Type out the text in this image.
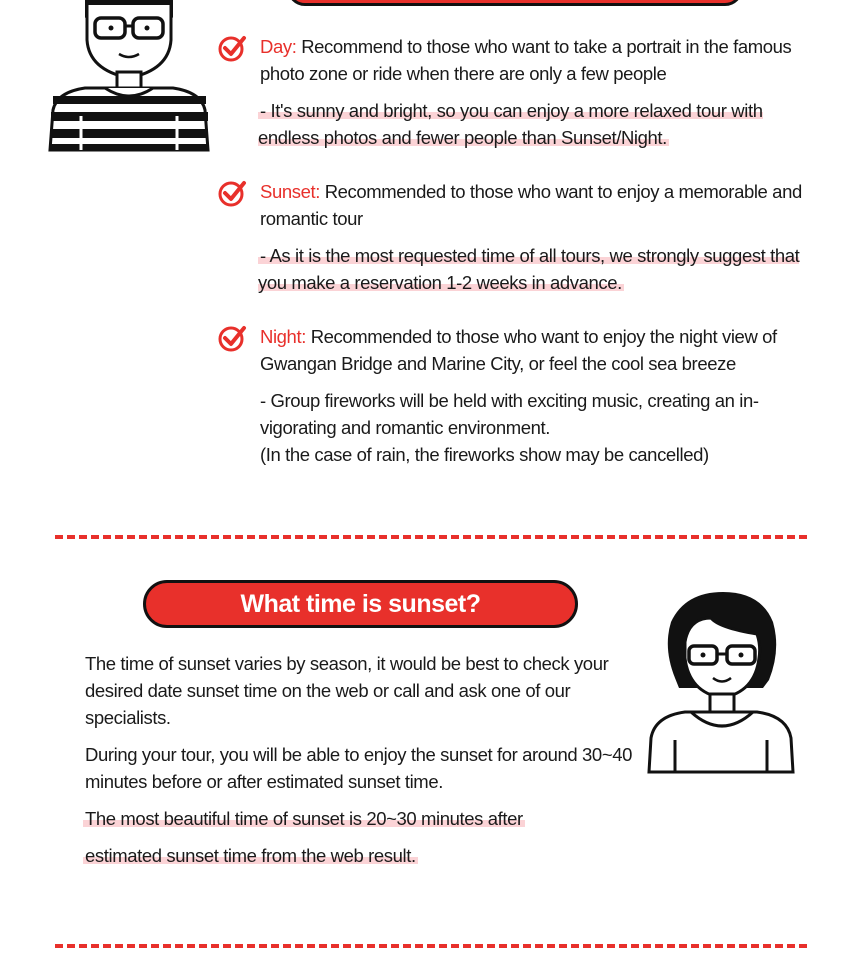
Day: Recommend to those who want to take a portrait in the famous photo zone or ride when there are only a few people
- It's sunny and bright, so you can enjoy a more relaxed tour with endless photos and fewer people than Sunset/Night.
Sunset: Recommended to those who want to enjoy a memorable and romantic tour
- As it is the most requested time of all tours, we strongly suggest that you make a reservation 1-2 weeks in advance.
Night: Recommended to those who want to enjoy the night view of Gwangan Bridge and Marine City, or feel the cool sea breeze
- Group fireworks will be held with exciting music, creating an in- vigorating and romantic environment.
(In the case of rain, the fireworks show may be cancelled)
What time is sunset?
The time of sunset varies by season, it would be best to check your desired date sunset time on the web or call and ask one of our specialists.
During your tour, you will be able to enjoy the sunset for around 30~40 minutes before or after estimated sunset time.
The most beautiful time of sunset is 20~30 minutes after
estimated sunset time from the web result.
